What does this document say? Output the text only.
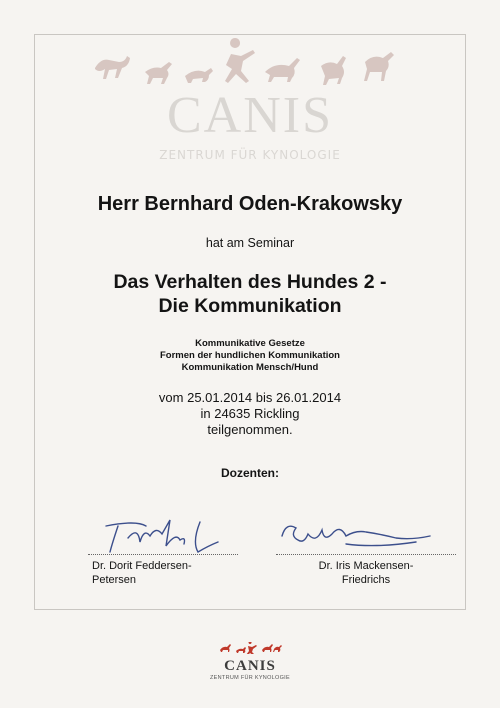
CANIS
ZENTRUM FÜR KYNOLOGIE
Herr Bernhard Oden-Krakowsky
hat am Seminar
Das Verhalten des Hundes 2 -
Die Kommunikation
Kommunikative Gesetze
Formen der hundlichen Kommunikation
Kommunikation Mensch/Hund
vom 25.01.2014 bis 26.01.2014
in 24635 Rickling
teilgenommen.
Dozenten:
Dr. Dorit Feddersen-
Petersen
Dr. Iris Mackensen-
Friedrichs
CANIS
ZENTRUM FÜR KYNOLOGIE
